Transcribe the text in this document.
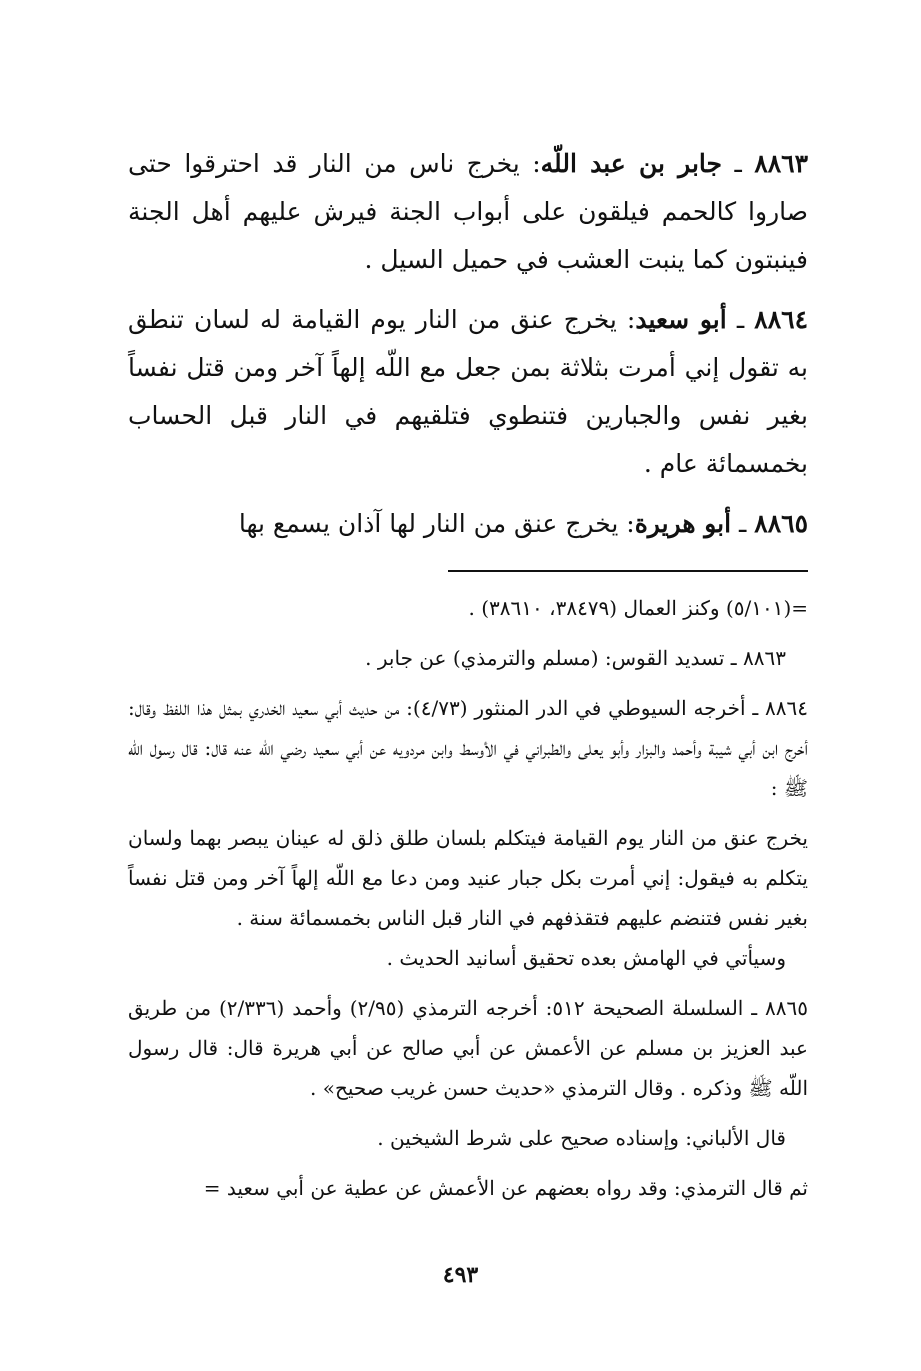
٨٨٦٣ ـ جابر بن عبد اللّه: يخرج ناس من النار قد احترقوا حتى صاروا كالحمم فيلقون على أبواب الجنة فيرش عليهم أهل الجنة فينبتون كما ينبت العشب في حميل السيل .

٨٨٦٤ ـ أبو سعيد: يخرج عنق من النار يوم القيامة له لسان تنطق به تقول إني أمرت بثلاثة بمن جعل مع اللّه إلهاً آخر ومن قتل نفساً بغير نفس والجبارين فتنطوي فتلقيهم في النار قبل الحساب بخمسمائة عام .

٨٨٦٥ ـ أبو هريرة: يخرج عنق من النار لها آذان يسمع بها

=(٥/١٠١) وكنز العمال (٣٨٤٧٩، ٣٨٦١٠) .

٨٨٦٣ ـ تسديد القوس: (مسلم والترمذي) عن جابر .

٨٨٦٤ ـ أخرجه السيوطي في الدر المنثور (٤/٧٣): من حديث أبي سعيد الخدري بمثل هذا اللفظ وقال: أخرج ابن أبي شيبة وأحمد والبزار وأبو يعلى والطبراني في الأوسط وابن مردويه عن أبي سعيد رضي اللّه عنه قال: قال رسول اللّه ﷺ :

يخرج عنق من النار يوم القيامة فيتكلم بلسان طلق ذلق له عينان يبصر بهما ولسان يتكلم به فيقول: إني أمرت بكل جبار عنيد ومن دعا مع اللّه إلهاً آخر ومن قتل نفساً بغير نفس فتنضم عليهم فتقذفهم في النار قبل الناس بخمسمائة سنة .

وسيأتي في الهامش بعده تحقيق أسانيد الحديث .

٨٨٦٥ ـ السلسلة الصحيحة ٥١٢: أخرجه الترمذي (٢/٩٥) وأحمد (٢/٣٣٦) من طريق عبد العزيز بن مسلم عن الأعمش عن أبي صالح عن أبي هريرة قال: قال رسول اللّه ﷺ وذكره . وقال الترمذي «حديث حسن غريب صحيح» .

قال الألباني: وإسناده صحيح على شرط الشيخين .

ثم قال الترمذي: وقد رواه بعضهم عن الأعمش عن عطية عن أبي سعيد =

٤٩٣
